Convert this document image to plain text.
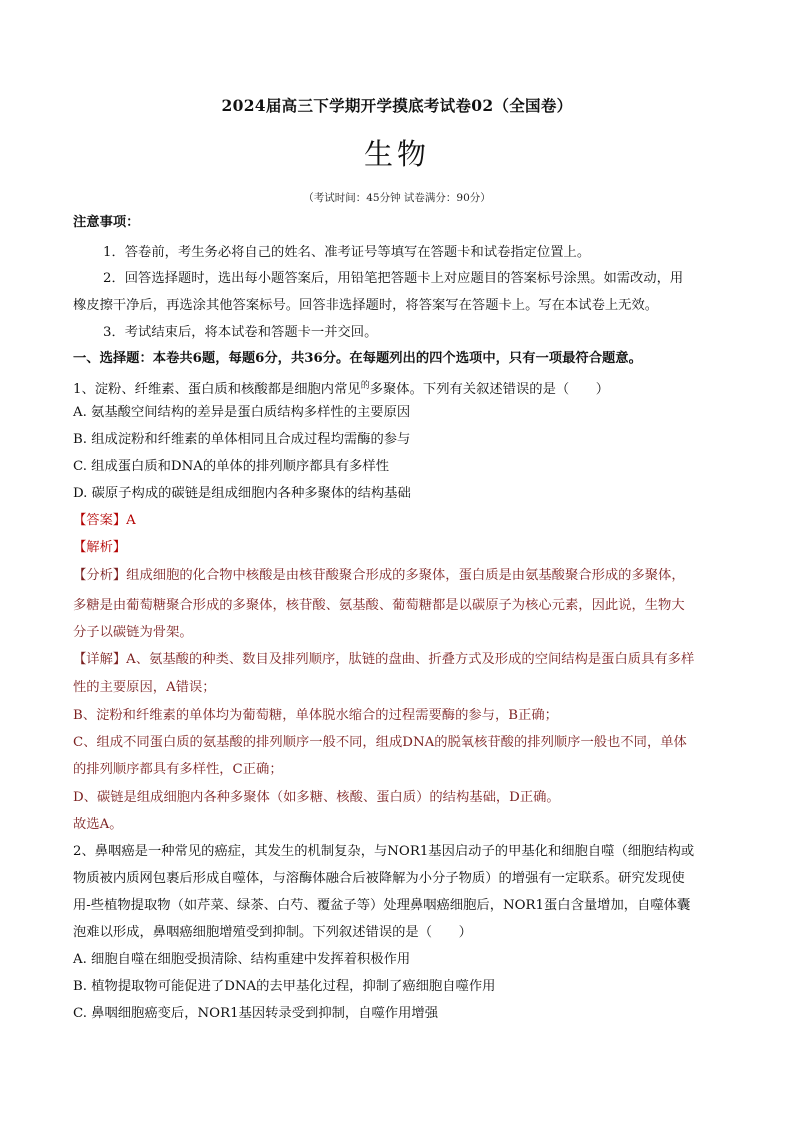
2024届高三下学期开学摸底考试卷02（全国卷）
生物
（考试时间：45分钟 试卷满分：90分）
注意事项：
1．答卷前，考生务必将自己的姓名、准考证号等填写在答题卡和试卷指定位置上。
2．回答选择题时，选出每小题答案后，用铅笔把答题卡上对应题目的答案标号涂黑。如需改动，用
橡皮擦干净后，再选涂其他答案标号。回答非选择题时，将答案写在答题卡上。写在本试卷上无效。
3．考试结束后，将本试卷和答题卡一并交回。
一、选择题：本卷共6题，每题6分，共36分。在每题列出的四个选项中，只有一项最符合题意。
1、淀粉、纤维素、蛋白质和核酸都是细胞内常见$^的$多聚体。下列有关叙述错误的是（　　）
A. 氨基酸空间结构的差异是蛋白质结构多样性的主要原因
B. 组成淀粉和纤维素的单体相同且合成过程均需酶的参与
C. 组成蛋白质和DNA的单体的排列顺序都具有多样性
D. 碳原子构成的碳链是组成细胞内各种多聚体的结构基础
【答案】A
【解析】
【分析】组成细胞的化合物中核酸是由核苷酸聚合形成的多聚体，蛋白质是由氨基酸聚合形成的多聚体，
多糖是由葡萄糖聚合形成的多聚体，核苷酸、氨基酸、葡萄糖都是以碳原子为核心元素，因此说，生物大
分子以碳链为骨架。
【详解】A、氨基酸的种类、数目及排列顺序，肽链的盘曲、折叠方式及形成的空间结构是蛋白质具有多样
性的主要原因，A错误；
B、淀粉和纤维素的单体均为葡萄糖，单体脱水缩合的过程需要酶的参与，B正确；
C、组成不同蛋白质的氨基酸的排列顺序一般不同，组成DNA的脱氧核苷酸的排列顺序一般也不同，单体
的排列顺序都具有多样性，C正确；
D、碳链是组成细胞内各种多聚体（如多糖、核酸、蛋白质）的结构基础，D正确。
故选A。
2、鼻咽癌是一种常见的癌症，其发生的机制复杂，与NOR1基因启动子的甲基化和细胞自噬（细胞结构或
物质被内质网包裹后形成自噬体，与溶酶体融合后被降解为小分子物质）的增强有一定联系。研究发现使
用-些植物提取物（如芹菜、绿茶、白芍、覆盆子等）处理鼻咽癌细胞后，NOR1蛋白含量增加，自噬体囊
泡难以形成，鼻咽癌细胞增殖受到抑制。下列叙述错误的是（　　）
A. 细胞自噬在细胞受损清除、结构重建中发挥着积极作用
B. 植物提取物可能促进了DNA的去甲基化过程，抑制了癌细胞自噬作用
C. 鼻咽细胞癌变后，NOR1基因转录受到抑制，自噬作用增强
